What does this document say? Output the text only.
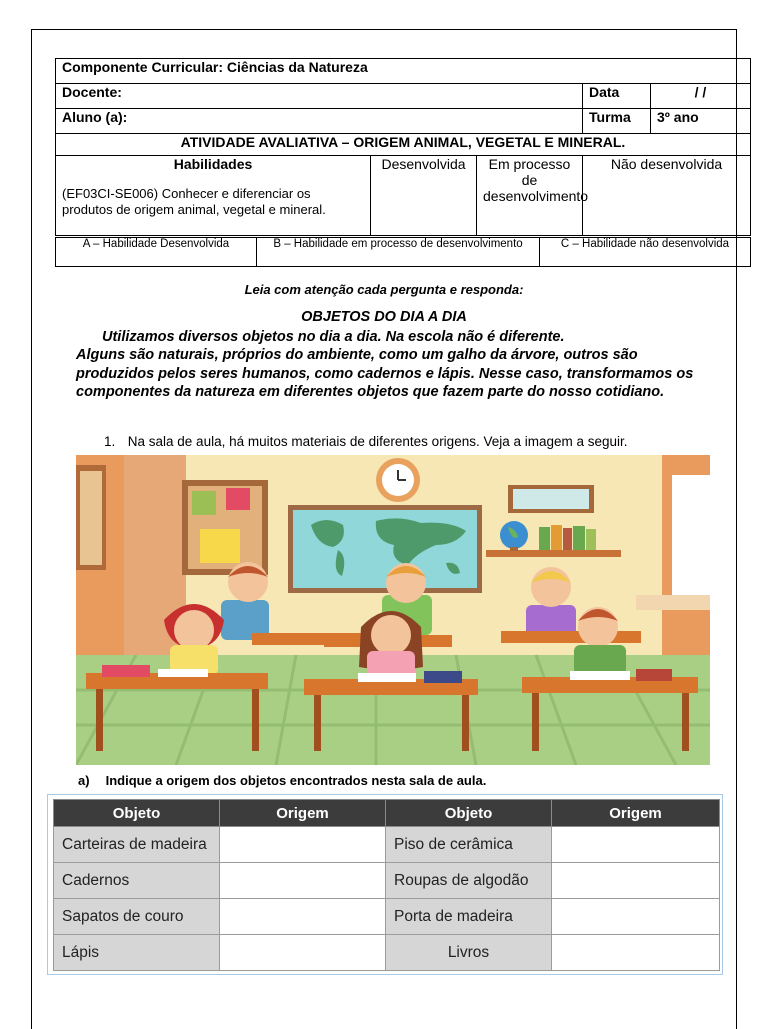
Componente Curricular: Ciências da Natureza				
Docente:			Data	/ /
Aluno (a):			Turma	3º ano
ATIVIDADE AVALIATIVA – ORIGEM ANIMAL, VEGETAL E MINERAL.				

Habilidades
(EF03CI-SE006) Conhecer e diferenciar os produtos de origem animal, vegetal e mineral.	Desenvolvida	Em processo de desenvolvimento	Não desenvolvida	
A – Habilidade Desenvolvida	B – Habilidade em processo de desenvolvimento	C – Habilidade não desenvolvida
Leia com atenção cada pergunta e responda:
OBJETOS DO DIA A DIA
Utilizamos diversos objetos no dia a dia. Na escola não é diferente.
Alguns são naturais, próprios do ambiente, como um galho da árvore, outros são produzidos pelos seres humanos, como cadernos e lápis. Nesse caso, transformamos os componentes da natureza em diferentes objetos que fazem parte do nosso cotidiano.
1. Na sala de aula, há muitos materiais de diferentes origens. Veja a imagem a seguir.
a) Indique a origem dos objetos encontrados nesta sala de aula.
Objeto	Origem	Objeto	Origem
Carteiras de madeira		Piso de cerâmica	
Cadernos		Roupas de algodão	
Sapatos de couro		Porta de madeira	
Lápis		Livros	
